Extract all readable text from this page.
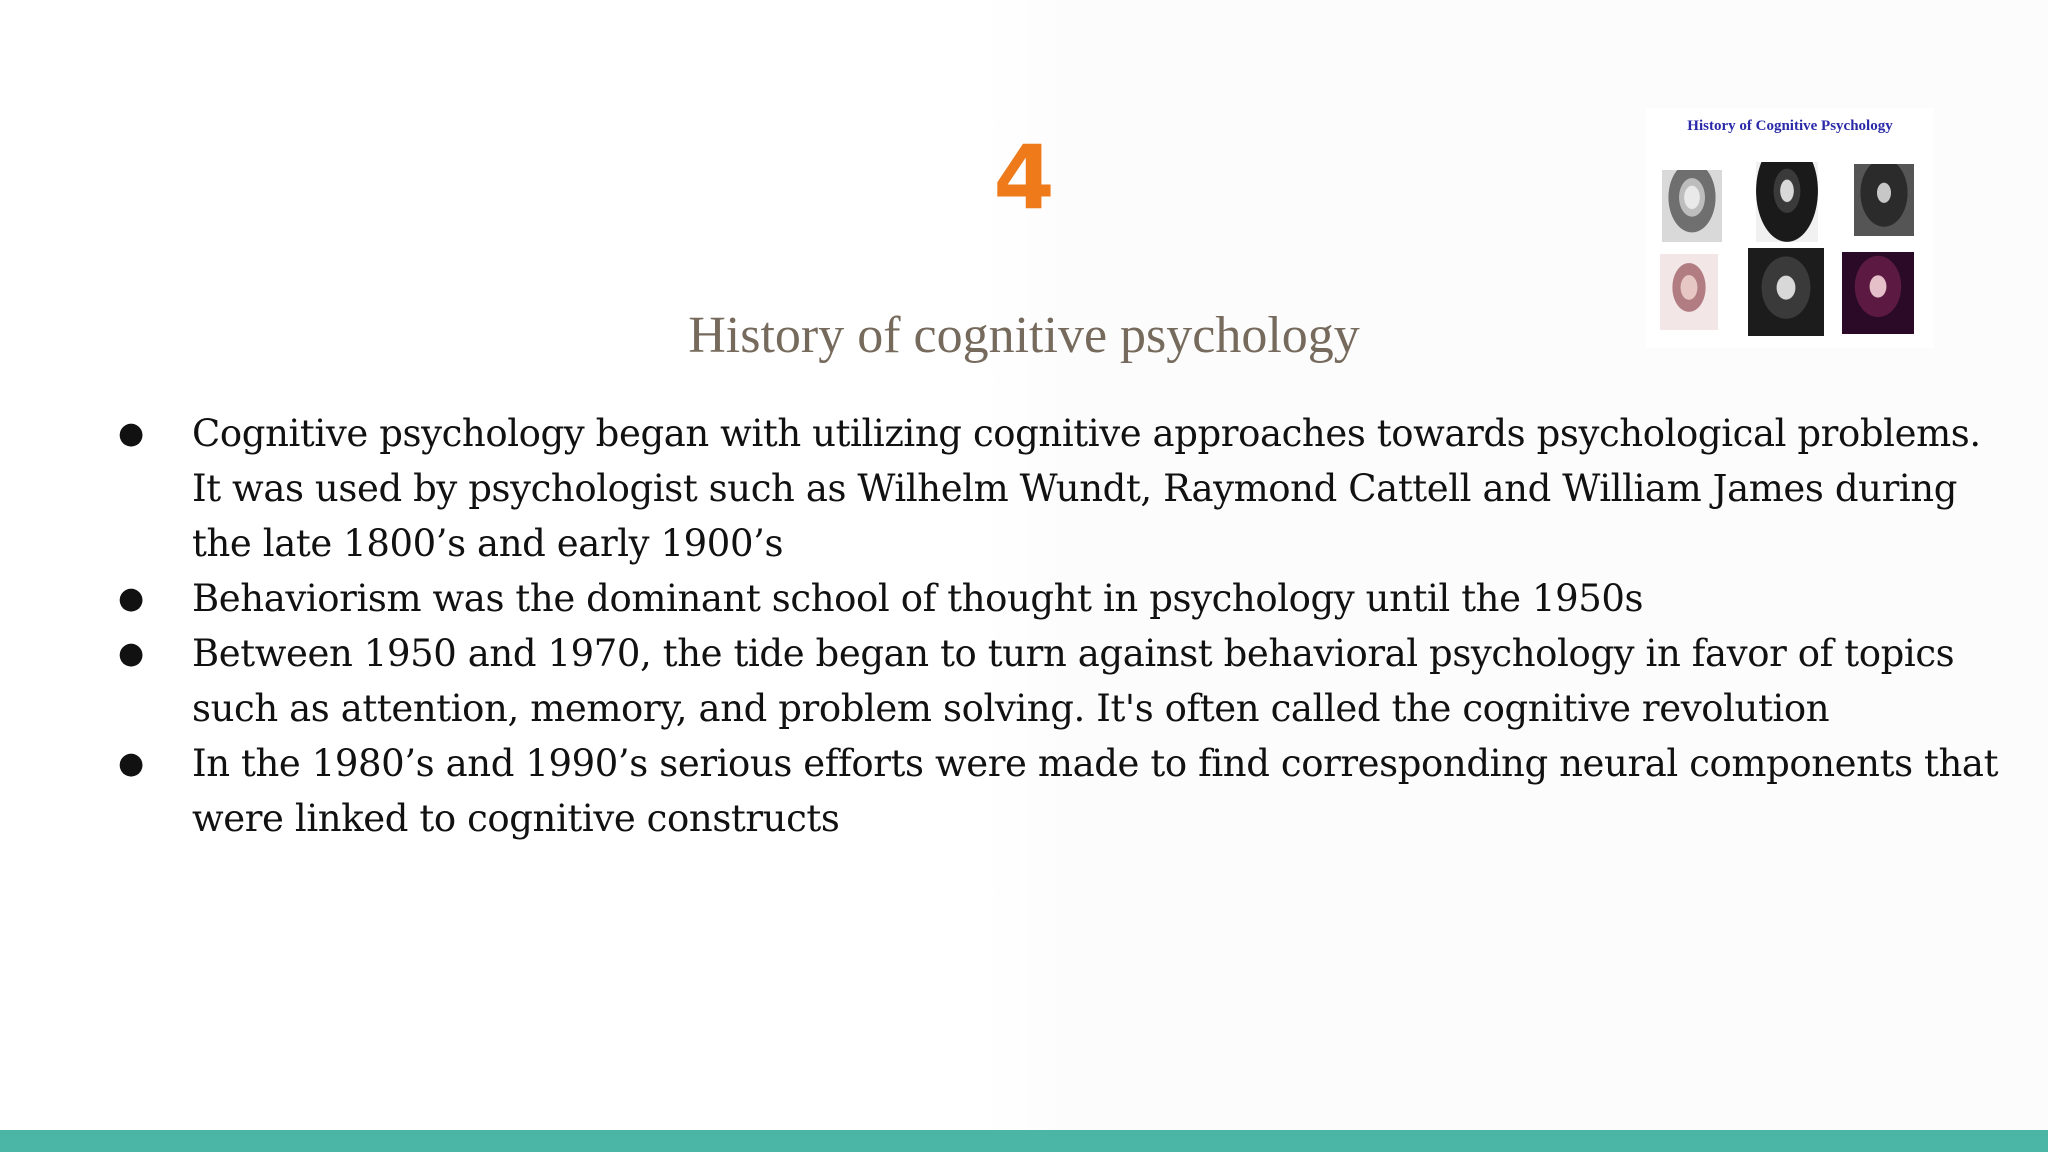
4	History of Cognitive Psychology
History of cognitive psychology
● Cognitive psychology began with utilizing cognitive approaches towards psychological problems. It was used by psychologist such as Wilhelm Wundt, Raymond Cattell and William James during the late 1800’s and early 1900’s
● Behaviorism was the dominant school of thought in psychology until the 1950s
● Between 1950 and 1970, the tide began to turn against behavioral psychology in favor of topics such as attention, memory, and problem solving. It's often called the cognitive revolution
● In the 1980’s and 1990’s serious efforts were made to find corresponding neural components that were linked to cognitive constructs
